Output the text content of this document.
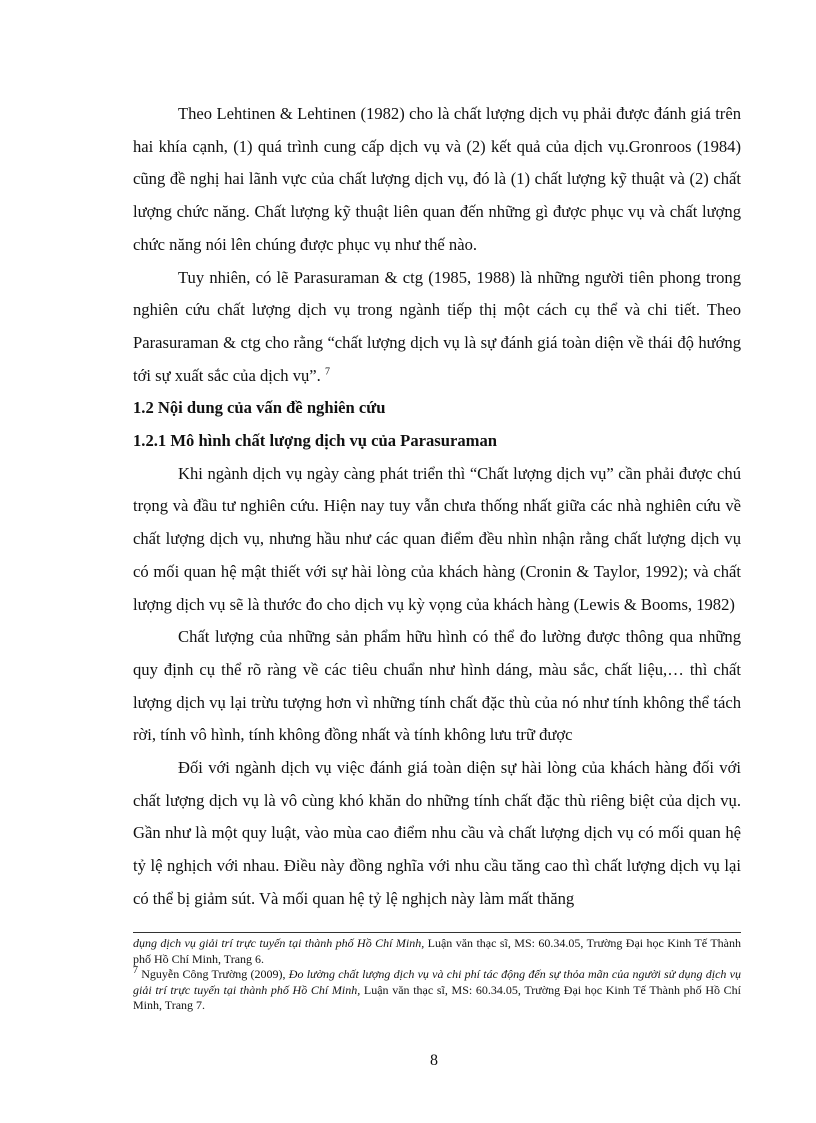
Theo Lehtinen & Lehtinen (1982) cho là chất lượng dịch vụ phải được đánh giá trên hai khía cạnh, (1) quá trình cung cấp dịch vụ và (2) kết quả của dịch vụ.Gronroos (1984) cũng đề nghị hai lãnh vực của chất lượng dịch vụ, đó là (1) chất lượng kỹ thuật và (2) chất lượng chức năng. Chất lượng kỹ thuật liên quan đến những gì được phục vụ và chất lượng chức năng nói lên chúng được phục vụ như thế nào.

Tuy nhiên, có lẽ Parasuraman & ctg (1985, 1988) là những người tiên phong trong nghiên cứu chất lượng dịch vụ trong ngành tiếp thị một cách cụ thể và chi tiết. Theo Parasuraman & ctg cho rằng “chất lượng dịch vụ là sự đánh giá toàn diện về thái độ hướng tới sự xuất sắc của dịch vụ”. $^7$

1.2 Nội dung của vấn đề nghiên cứu

1.2.1 Mô hình chất lượng dịch vụ của Parasuraman

Khi ngành dịch vụ ngày càng phát triển thì “Chất lượng dịch vụ” cần phải được chú trọng và đầu tư nghiên cứu. Hiện nay tuy vẫn chưa thống nhất giữa các nhà nghiên cứu về chất lượng dịch vụ, nhưng hầu như các quan điểm đều nhìn nhận rằng chất lượng dịch vụ có mối quan hệ mật thiết với sự hài lòng của khách hàng (Cronin & Taylor, 1992); và chất lượng dịch vụ sẽ là thước đo cho dịch vụ kỳ vọng của khách hàng (Lewis & Booms, 1982)

Chất lượng của những sản phẩm hữu hình có thể đo lường được thông qua những quy định cụ thể rõ ràng về các tiêu chuẩn như hình dáng, màu sắc, chất liệu,… thì chất lượng dịch vụ lại trừu tượng hơn vì những tính chất đặc thù của nó như tính không thể tách rời, tính vô hình, tính không đồng nhất và tính không lưu trữ được

Đối với ngành dịch vụ việc đánh giá toàn diện sự hài lòng của khách hàng đối với chất lượng dịch vụ là vô cùng khó khăn do những tính chất đặc thù riêng biệt của dịch vụ. Gần như là một quy luật, vào mùa cao điểm nhu cầu và chất lượng dịch vụ có mối quan hệ tỷ lệ nghịch với nhau. Điều này đồng nghĩa với nhu cầu tăng cao thì chất lượng dịch vụ lại có thể bị giảm sút. Và mối quan hệ tỷ lệ nghịch này làm mất thăng

dụng dịch vụ giải trí trực tuyến tại thành phố Hồ Chí Minh, Luận văn thạc sĩ, MS: 60.34.05, Trường Đại học Kinh Tế Thành phố Hồ Chí Minh, Trang 6.

$^7$ Nguyễn Công Trường (2009), Đo lường chất lượng dịch vụ và chi phí tác động đến sự thỏa mãn của người sử dụng dịch vụ giải trí trực tuyến tại thành phố Hồ Chí Minh, Luận văn thạc sĩ, MS: 60.34.05, Trường Đại học Kinh Tế Thành phố Hồ Chí Minh, Trang 7.

8
